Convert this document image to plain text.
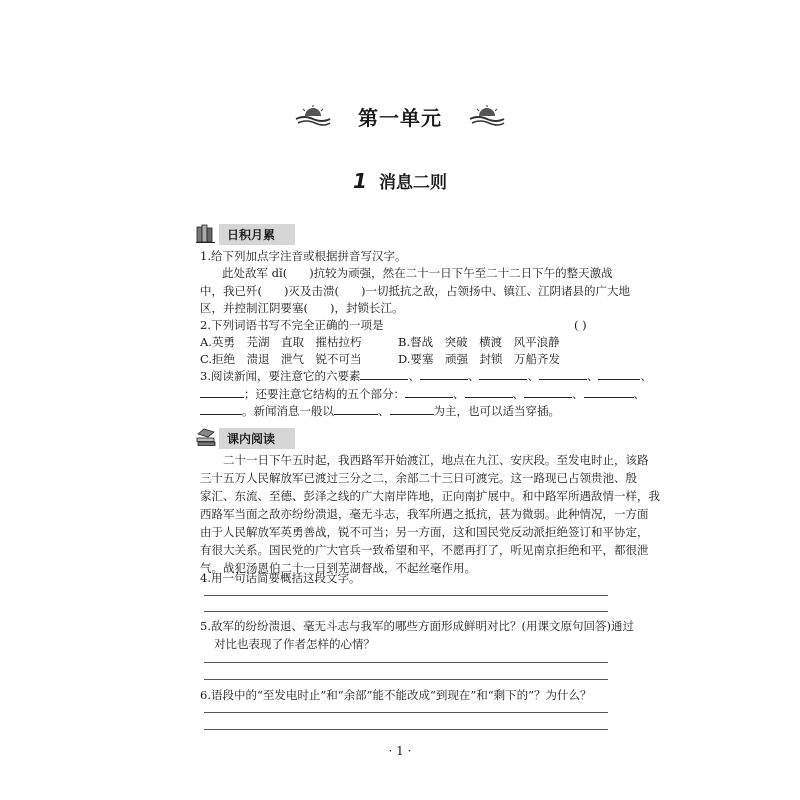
第一单元
1 消息二则
日积月累
1.给下列加点字注音或根据拼音写汉字。
此处敌军 dǐ( )抗较为顽强，然在二十一日下午至二十二日下午的整天激战
中，我已歼( )灭及击溃( )一切抵抗之敌，占领扬中、镇江、江阴诸县的广大地
区，并控制江阴要塞( )，封锁长江。
2.下列词语书写不完全正确的一项是	( )
A.英勇　芫湖　直取　摧枯拉朽	B.督战　突破　横渡　风平浪静
C.拒绝　溃退　泄气　锐不可当	D.要塞　顽强　封锁　万船齐发
3.阅读新闻，要注意它的六要素	、	、	、	、	、
；还要注意它结构的五个部分：	、	、	、	、
。新闻消息一般以	、	为主，也可以适当穿插。
课内阅读
　　二十一日下午五时起，我西路军开始渡江，地点在九江、安庆段。至发电时止，该路
三十五万人民解放军已渡过三分之二，余部二十三日可渡完。这一路现已占领贵池、殷
家汇、东流、至德、彭泽之线的广大南岸阵地，正向南扩展中。和中路军所遇敌情一样，我
西路军当面之敌亦纷纷溃退，毫无斗志，我军所遇之抵抗，甚为微弱。此种情况，一方面
由于人民解放军英勇善战，锐不可当；另一方面，这和国民党反动派拒绝签订和平协定，
有很大关系。国民党的广大官兵一致希望和平，不愿再打了，听见南京拒绝和平，都很泄
气。战犯汤恩伯二十一日到芜湖督战，不起丝毫作用。
4.用一句话简要概括这段文字。
5.敌军的纷纷溃退、毫无斗志与我军的哪些方面形成鲜明对比？(用课文原句回答)通过
对比也表现了作者怎样的心情？
6.语段中的“至发电时止”和“余部”能不能改成“到现在”和“剩下的”？为什么？
· 1 ·
